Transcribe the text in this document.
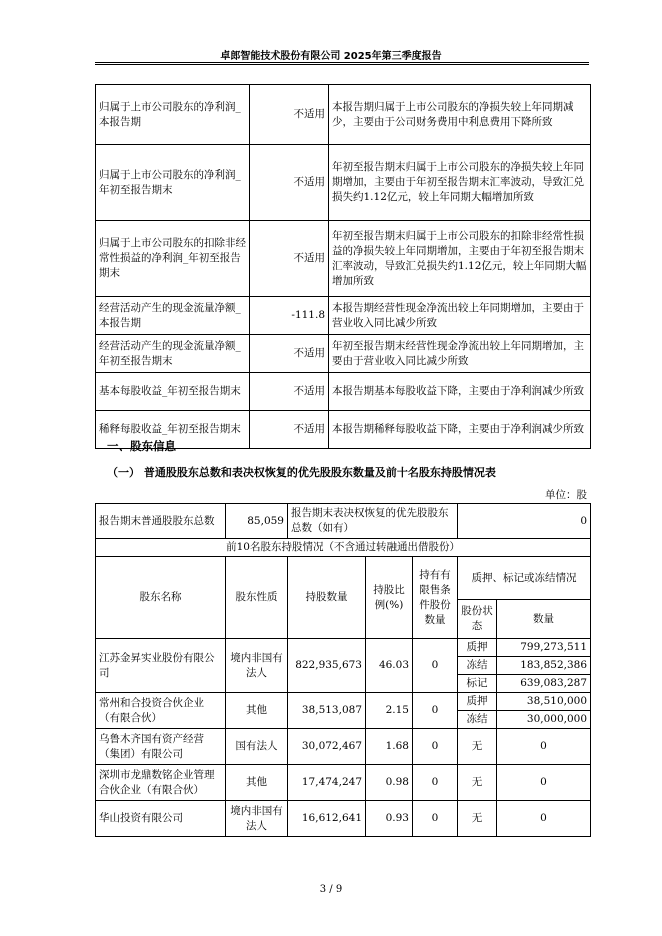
卓郎智能技术股份有限公司 2025年第三季度报告
归属于上市公司股东的净利润_本报告期	不适用	本报告期归属于上市公司股东的净损失较上年同期减少，主要由于公司财务费用中利息费用下降所致
归属于上市公司股东的净利润_年初至报告期末	不适用	年初至报告期末归属于上市公司股东的净损失较上年同期增加，主要由于年初至报告期末汇率波动，导致汇兑损失约1.12亿元，较上年同期大幅增加所致
归属于上市公司股东的扣除非经常性损益的净利润_年初至报告期末	不适用	年初至报告期末归属于上市公司股东的扣除非经常性损益的净损失较上年同期增加，主要由于年初至报告期末汇率波动，导致汇兑损失约1.12亿元，较上年同期大幅增加所致
经营活动产生的现金流量净额_本报告期	-111.8	本报告期经营性现金净流出较上年同期增加，主要由于营业收入同比减少所致
经营活动产生的现金流量净额_年初至报告期末	不适用	年初至报告期末经营性现金净流出较上年同期增加，主要由于营业收入同比减少所致
基本每股收益_年初至报告期末	不适用	本报告期基本每股收益下降，主要由于净利润减少所致
稀释每股收益_年初至报告期末	不适用	本报告期稀释每股收益下降，主要由于净利润减少所致
一、股东信息
（一） 普通股股东总数和表决权恢复的优先股股东数量及前十名股东持股情况表
单位：股
报告期末普通股股东总数	85,059	报告期末表决权恢复的优先股股东总数（如有）	0
前10名股东持股情况（不含通过转融通出借股份）						
股东名称	股东性质	持股数量	持股比例(%)	持有有限售条件股份数量	质押、标记或冻结情况	
					股份状态	数量
江苏金昇实业股份有限公司	境内非国有法人	822,935,673	46.03	0	质押	799,273,511
					冻结	183,852,386
					标记	639,083,287
常州和合投资合伙企业（有限合伙）	其他	38,513,087	2.15	0	质押	38,510,000
					冻结	30,000,000
乌鲁木齐国有资产经营（集团）有限公司	国有法人	30,072,467	1.68	0	无	0
深圳市龙鼎数铭企业管理合伙企业（有限合伙）	其他	17,474,247	0.98	0	无	0
华山投资有限公司	境内非国有法人	16,612,641	0.93	0	无	0
3 / 9
